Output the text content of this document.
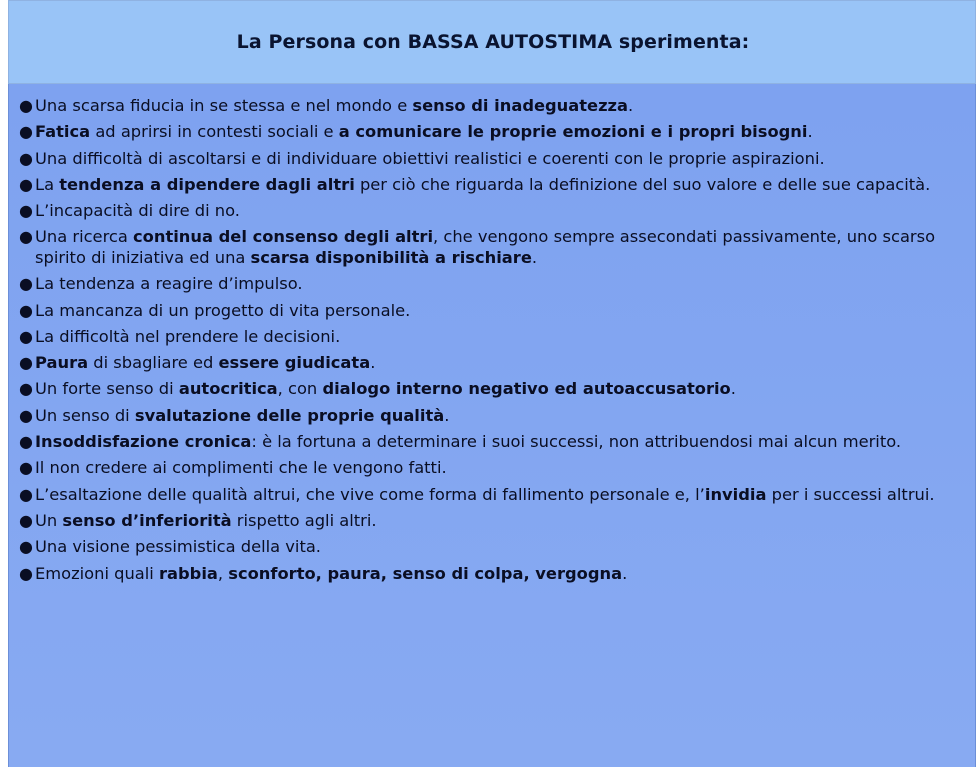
La Persona con BASSA AUTOSTIMA sperimenta:
● Una scarsa fiducia in se stessa e nel mondo e senso di inadeguatezza.
● Fatica ad aprirsi in contesti sociali e a comunicare le proprie emozioni e i propri bisogni.
● Una difficoltà di ascoltarsi e di individuare obiettivi realistici e coerenti con le proprie aspirazioni.
● La tendenza a dipendere dagli altri per ciò che riguarda la definizione del suo valore e delle sue capacità.
● L’incapacità di dire di no.
● Una ricerca continua del consenso degli altri, che vengono sempre assecondati passivamente, uno scarso spirito di iniziativa ed una scarsa disponibilità a rischiare.
● La tendenza a reagire d’impulso.
● La mancanza di un progetto di vita personale.
● La difficoltà nel prendere le decisioni.
● Paura di sbagliare ed essere giudicata.
● Un forte senso di autocritica, con dialogo interno negativo ed autoaccusatorio.
● Un senso di svalutazione delle proprie qualità.
● Insoddisfazione cronica: è la fortuna a determinare i suoi successi, non attribuendosi mai alcun merito.
● Il non credere ai complimenti che le vengono fatti.
● L’esaltazione delle qualità altrui, che vive come forma di fallimento personale e, l’invidia per i successi altrui.
● Un senso d’inferiorità rispetto agli altri.
● Una visione pessimistica della vita.
● Emozioni quali rabbia, sconforto, paura, senso di colpa, vergogna.
